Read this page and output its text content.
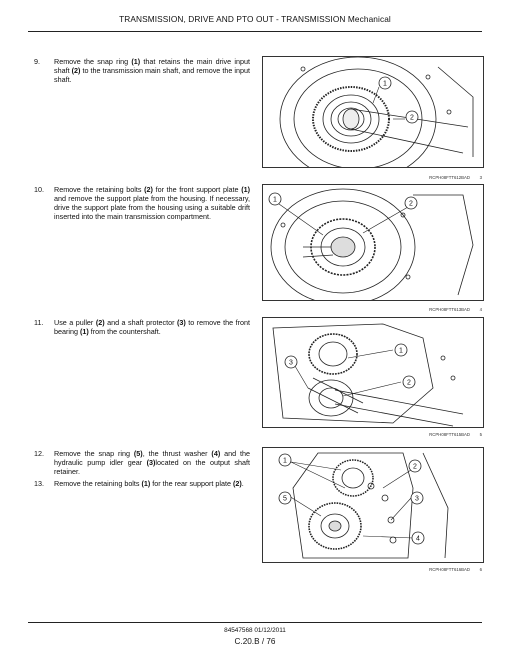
TRANSMISSION, DRIVE AND PTO OUT - TRANSMISSION Mechanical
9. Remove the snap ring (1) that retains the main drive input shaft (2) to the transmission main shaft, and remove the input shaft.
10. Remove the retaining bolts (2) for the front support plate (1) and remove the support plate from the housing. If necessary, drive the support plate from the housing using a suitable drift inserted into the main transmission compartment.
11. Use a puller (2) and a shaft protector (3) to remove the front bearing (1) from the countershaft.
12. Remove the snap ring (5), the thrust washer (4) and the hydraulic pump idler gear (3)located on the output shaft retainer.
13. Remove the retaining bolts (1) for the rear support plate (2).
1
2
RCPH08FTT612BAD 3
1
2
RCPH08FTT613BAD 4
1
2
3
RCPH08FTT615BAD 5
1
2
3
4
5
RCPH08FTT616BAD 6
84547568 01/12/2011
C.20.B / 76
